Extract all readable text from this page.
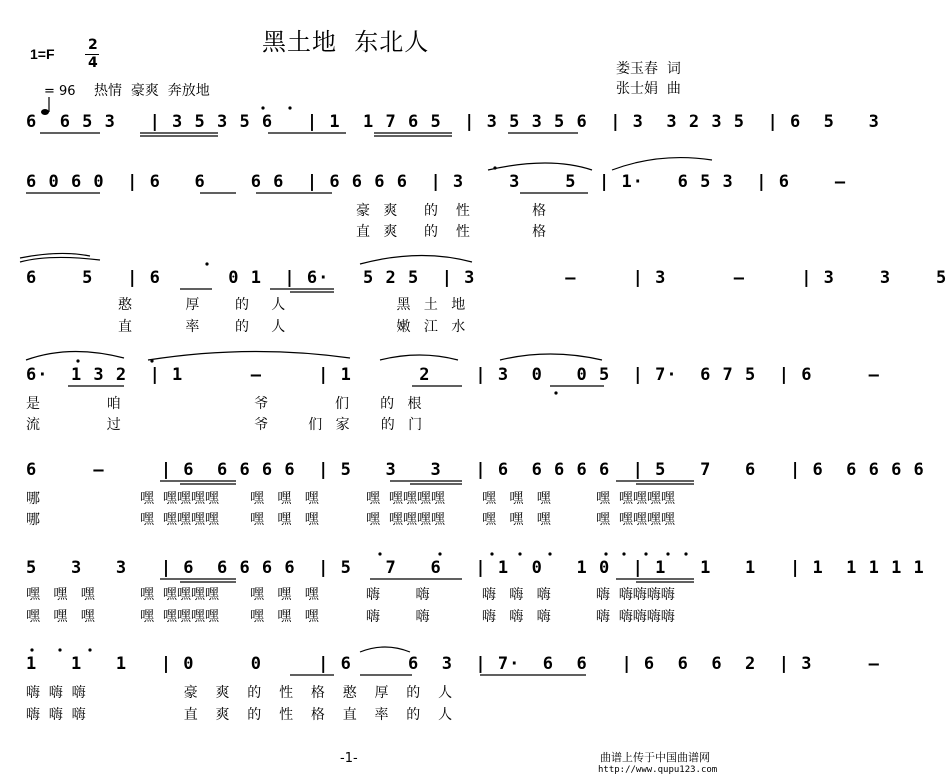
黑土地  东北人
1=F
2
4

= 96 热情  豪爽  奔放地
娄玉春  词
张士娟  曲
6  6 5 3   | 3 5 3 5 6   | 1  1 7 6 5  | 3 5 3 5 6  | 3  3 2 3 5  | 6  5   3
6 0 6 0  | 6   6    6 6  | 6 6 6 6  | 3    3    5  | 1·   6 5 3  | 6    –
豪   爽      的    性              格
直   爽      的    性              格
6    5   | 6      0 1  | 6·   5 2 5  | 3        –     | 3      –     | 3    3    5
憨            厚        的     人                         黑   土   地
直            率        的     人                         嫩   江   水
6·  1 3 2  | 1      –     | 1      2    | 3  0   0 5  | 7·  6 7 5  | 6     –
是               咱                              爷               们       的   根
流               过                              爷         们   家       的   门
6     –     | 6  6 6 6 6  | 5   3   3   | 6  6 6 6 6  | 5   7   6   | 6  6 6 6 6
哪
哪
嘿  嘿嘿嘿嘿 嘿   嘿   嘿	嘿  嘿嘿嘿嘿	嘿   嘿   嘿	嘿  嘿嘿嘿嘿
嘿  嘿嘿嘿嘿 嘿   嘿   嘿	嘿  嘿嘿嘿嘿	嘿   嘿   嘿	嘿  嘿嘿嘿嘿
5   3   3   | 6  6 6 6 6  | 5   7   6   | 1  0   1 0  | 1   1   1   | 1  1 1 1 1
嘿   嘿   嘿	嘿  嘿嘿嘿嘿 嘿   嘿   嘿	嗨        嗨	嗨   嗨   嗨	嗨  嗨嗨嗨嗨
嘿   嘿   嘿	嘿  嘿嘿嘿嘿 嘿   嘿   嘿	嗨        嗨	嗨   嗨   嗨	嗨  嗨嗨嗨嗨
1   1   1   | 0     0     | 6     6  3  | 7·  6  6   | 6  6  6  2  | 3     –
嗨  嗨  嗨                      豪    爽    的    性    格    憨    厚    的    人
嗨  嗨  嗨                      直    爽    的    性    格    直    率    的    人
-1-	曲谱上传于中国曲谱网
http://www.qupu123.com
